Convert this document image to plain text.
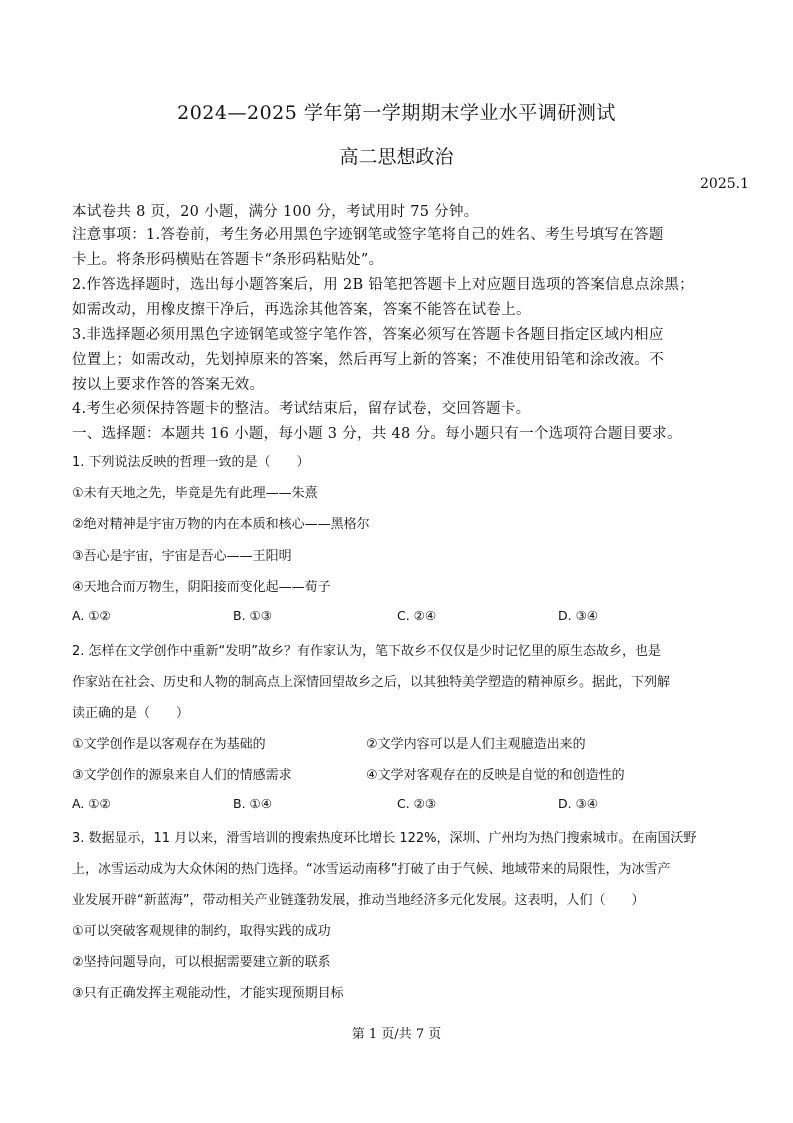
2024—2025 学年第一学期期末学业水平调研测试
高二思想政治
2025.1
本试卷共 8 页，20 小题，满分 100 分，考试用时 75 分钟。
注意事项：1.答卷前，考生务必用黑色字迹钢笔或签字笔将自己的姓名、考生号填写在答题
卡上。将条形码横贴在答题卡“条形码粘贴处”。
2.作答选择题时，选出每小题答案后，用 2B 铅笔把答题卡上对应题目选项的答案信息点涂黑；
如需改动，用橡皮擦干净后，再选涂其他答案，答案不能答在试卷上。
3.非选择题必须用黑色字迹钢笔或签字笔作答，答案必须写在答题卡各题目指定区域内相应
位置上；如需改动，先划掉原来的答案，然后再写上新的答案；不准使用铅笔和涂改液。不
按以上要求作答的答案无效。
4.考生必须保持答题卡的整洁。考试结束后，留存试卷，交回答题卡。
一、选择题：本题共 16 小题，每小题 3 分，共 48 分。每小题只有一个选项符合题目要求。
1. 下列说法反映的哲理一致的是（　　）
①未有天地之先，毕竟是先有此理——朱熹
②绝对精神是宇宙万物的内在本质和核心——黑格尔
③吾心是宇宙，宇宙是吾心——王阳明
④天地合而万物生，阴阳接而变化起——荀子
A. ①②	B. ①③	C. ②④	D. ③④
2. 怎样在文学创作中重新“发明”故乡？有作家认为，笔下故乡不仅仅是少时记忆里的原生态故乡，也是
作家站在社会、历史和人物的制高点上深情回望故乡之后，以其独特美学塑造的精神原乡。据此，下列解
读正确的是（　　）
①文学创作是以客观存在为基础的	②文学内容可以是人们主观臆造出来的
③文学创作的源泉来自人们的情感需求	④文学对客观存在的反映是自觉的和创造性的
A. ①②	B. ①④	C. ②③	D. ③④
3. 数据显示，11 月以来，滑雪培训的搜索热度环比增长 122%，深圳、广州均为热门搜索城市。在南国沃野
上，冰雪运动成为大众休闲的热门选择。“冰雪运动南移”打破了由于气候、地域带来的局限性，为冰雪产
业发展开辟“新蓝海”，带动相关产业链蓬勃发展，推动当地经济多元化发展。这表明，人们（　　）
①可以突破客观规律的制约，取得实践的成功
②坚持问题导向，可以根据需要建立新的联系
③只有正确发挥主观能动性，才能实现预期目标
第 1 页/共 7 页
